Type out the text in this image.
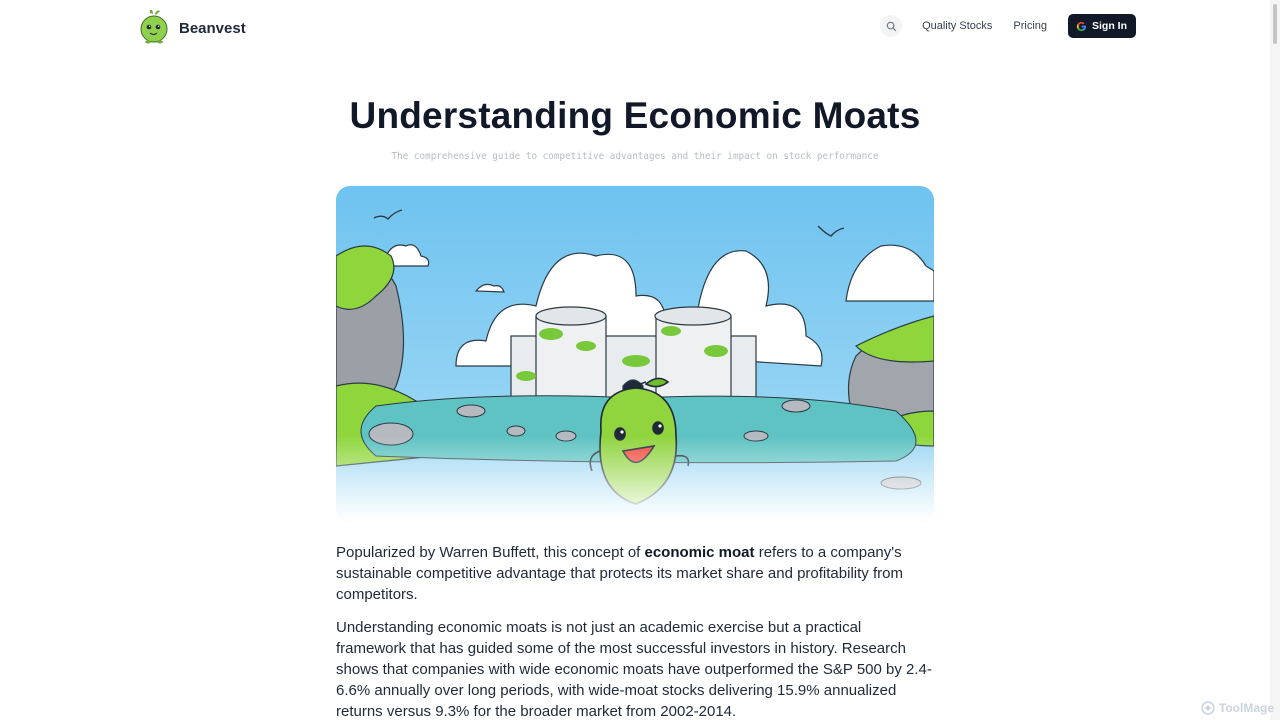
Beanvest	Quality Stocks Pricing	Sign In
Understanding Economic Moats

The comprehensive guide to competitive advantages and their impact on stock performance

Popularized by Warren Buffett, this concept of economic moat refers to a company's sustainable competitive advantage that protects its market share and profitability from competitors.

Understanding economic moats is not just an academic exercise but a practical framework that has guided some of the most successful investors in history. Research shows that companies with wide economic moats have outperformed the S&P 500 by 2.4-6.6% annually over long periods, with wide-moat stocks delivering 15.9% annualized returns versus 9.3% for the broader market from 2002-2014.	ToolMage
